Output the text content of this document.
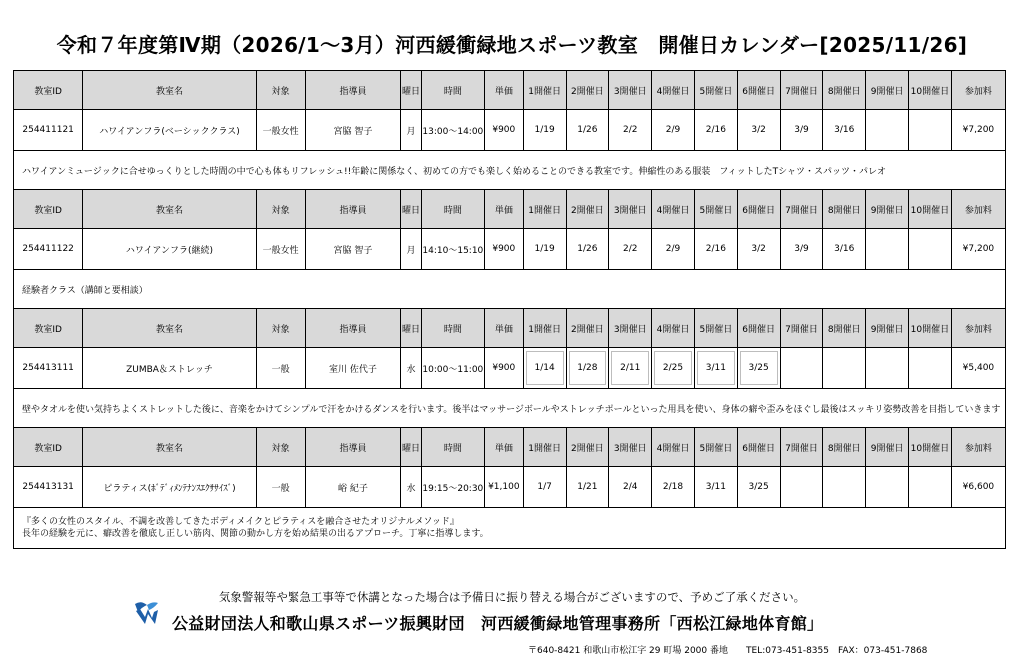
令和７年度第Ⅳ期（2026/1～3月）河西緩衝緑地スポーツ教室　開催日カレンダー[2025/11/26]
教室ID	教室名	対象	指導員	曜日	時間	単価	1開催日	2開催日	3開催日	4開催日	5開催日	6開催日	7開催日	8開催日	9開催日	10開催日	参加料
254411121	ハワイアンフラ(ベーシッククラス)	一般女性	宮脇 智子	月	13:00～14:00	¥900	1/19	1/26	2/2	2/9	2/16	3/2	3/9	3/16			¥7,200
ハワイアンミュージックに合せゆっくりとした時間の中で心も体もリフレッシュ!!年齢に関係なく、初めての方でも楽しく始めることのできる教室です。伸縮性のある服装　フィットしたTシャツ・スパッツ・パレオ																	
教室ID	教室名	対象	指導員	曜日	時間	単価	1開催日	2開催日	3開催日	4開催日	5開催日	6開催日	7開催日	8開催日	9開催日	10開催日	参加料
254411122	ハワイアンフラ(継続)	一般女性	宮脇 智子	月	14:10～15:10	¥900	1/19	1/26	2/2	2/9	2/16	3/2	3/9	3/16			¥7,200
経験者クラス（講師と要相談）																	
教室ID	教室名	対象	指導員	曜日	時間	単価	1開催日	2開催日	3開催日	4開催日	5開催日	6開催日	7開催日	8開催日	9開催日	10開催日	参加料
254413111	ZUMBA＆ストレッチ	一般	室川 佐代子	水	10:00～11:00	¥900	1/14	1/28	2/11	2/25	3/11	3/25					¥5,400
壁やタオルを使い気持ちよくストレットした後に、音楽をかけてシンプルで汗をかけるダンスを行います。後半はマッサージボールやストレッチポールといった用具を使い、身体の癖や歪みをほぐし最後はスッキリ姿勢改善を目指していきます																	
教室ID	教室名	対象	指導員	曜日	時間	単価	1開催日	2開催日	3開催日	4開催日	5開催日	6開催日	7開催日	8開催日	9開催日	10開催日	参加料
254413131	ピラティス(ﾎﾞﾃﾞｨﾒﾝﾃﾅﾝｽｴｸｻｻｲｽﾞ)	一般	峪 紀子	水	19:15～20:30	¥1,100	1/7	1/21	2/4	2/18	3/11	3/25					¥6,600

『多くの女性のスタイル、不調を改善してきたボディメイクとピラティスを融合させたオリジナルメソッド』
長年の経験を元に、癖改善を徹底し正しい筋肉、関節の動かし方を始め結果の出るアプローチ。丁寧に指導します。																	
気象警報等や緊急工事等で休講となった場合は予備日に振り替える場合がございますので、予めご了承ください。
公益財団法人和歌山県スポーツ振興財団　河西緩衝緑地管理事務所「西松江緑地体育館」
〒640-8421 和歌山市松江字 29 町場 2000 番地　　TEL:073-451-8355　FAX：073-451-7868
